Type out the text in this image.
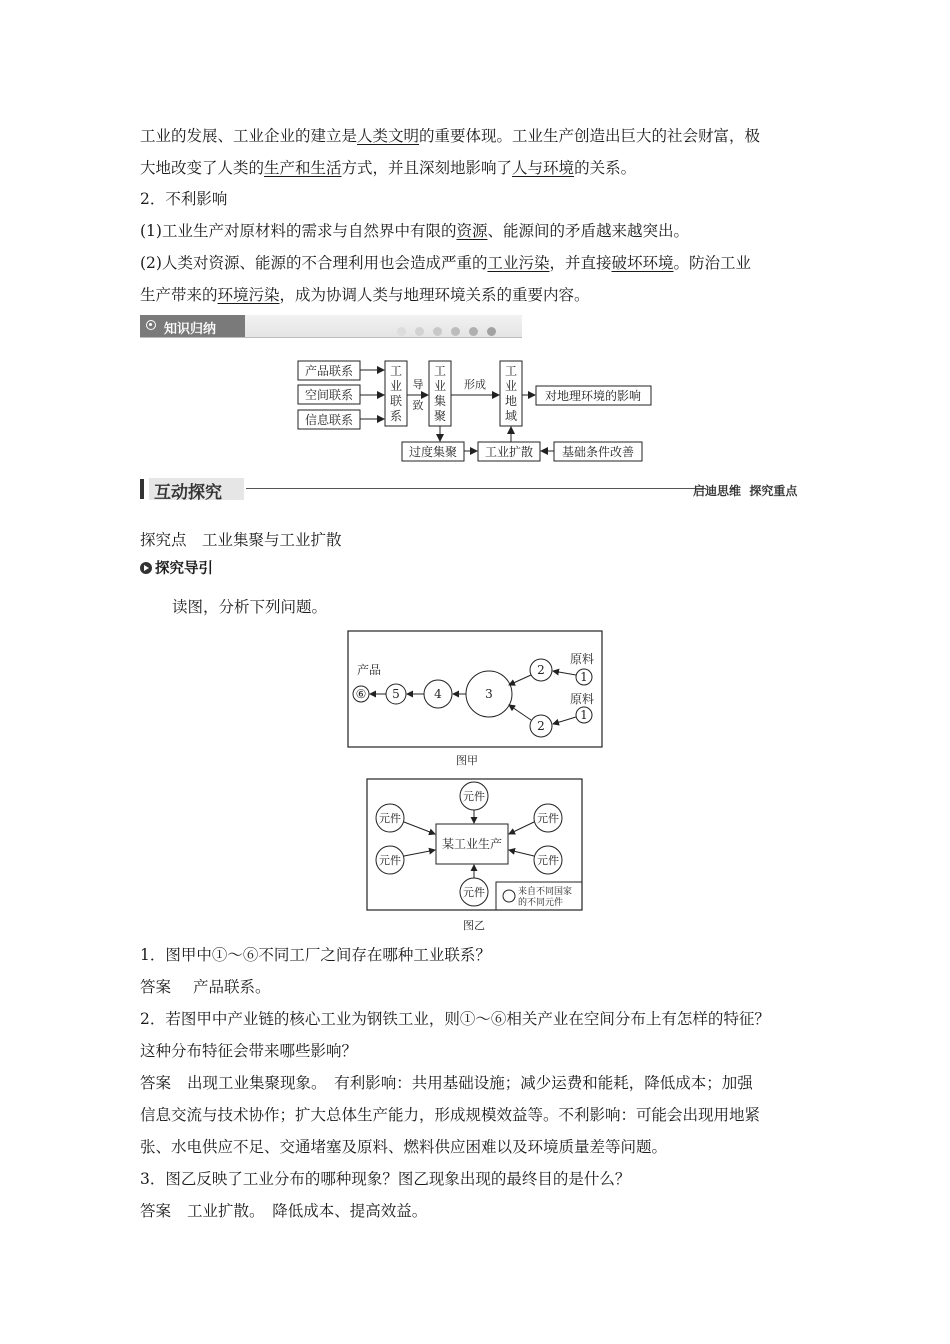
工业的发展、工业企业的建立是人类文明的重要体现。工业生产创造出巨大的社会财富，极
大地改变了人类的生产和生活方式，并且深刻地影响了人与环境的关系。
2．不利影响
(1)工业生产对原材料的需求与自然界中有限的资源、能源间的矛盾越来越突出。
(2)人类对资源、能源的不合理利用也会造成严重的工业污染，并直接破坏环境。防治工业
生产带来的环境污染，成为协调人类与地理环境关系的重要内容。
知识归纳
产品联系
空间联系
信息联系
工
业
联
系
导
致
工
业
集
聚
形成
工
业
地
域
对地理环境的影响
过度集聚 工业扩散 基础条件改善
互动探究	启迪思维  探究重点
探究点　工业集聚与工业扩散
探究导引
读图，分析下列问题。
⑥ 5	4	3
2	1
2
1
产品
原料
原料
图甲
某工业生产
元件
元件
元件
元件
元件
元件	来自不同国家
的不同元件
图乙
1．图甲中①～⑥不同工厂之间存在哪种工业联系？
答案 产品联系。
2．若图甲中产业链的核心工业为钢铁工业，则①～⑥相关产业在空间分布上有怎样的特征？
这种分布特征会带来哪些影响？
答案 出现工业集聚现象。　有利影响：共用基础设施；减少运费和能耗，降低成本；加强
信息交流与技术协作；扩大总体生产能力，形成规模效益等。不利影响：可能会出现用地紧
张、水电供应不足、交通堵塞及原料、燃料供应困难以及环境质量差等问题。
3．图乙反映了工业分布的哪种现象？图乙现象出现的最终目的是什么？
答案 工业扩散。　降低成本、提高效益。
